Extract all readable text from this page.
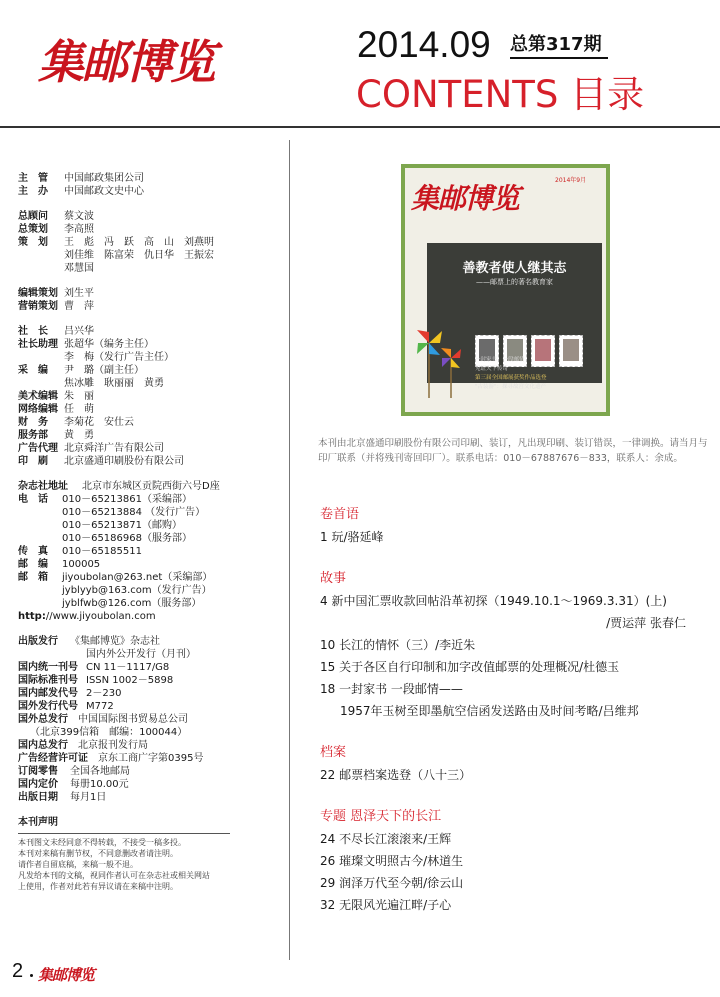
集邮博览	2014.09 总第317期
CONTENTS 目录
主　管	中国邮政集团公司
主　办	中国邮政文史中心
总顾问	蔡文波
总策划	李高照
策　划	王　彪　冯　跃　高　山　刘燕明
刘佳维　陈富荣　仇日华　王振宏
邓慧国
编辑策划 刘生平
营销策划 曹　萍
社　长	吕兴华
社长助理 张超华（编务主任）
李　梅（发行广告主任）
采　编	尹　璐（副主任）
焦冰雕　耿丽丽　黄勇
美术编辑 朱　丽
网络编辑 任　萌
财　务	李菊花　安仕云
服务部	黄　勇
广告代理 北京舜洋广告有限公司
印　刷	北京盛通印刷股份有限公司
杂志社地址	北京市东城区贡院西街六号D座
电　话	010－65213861（采编部）
010－65213884 （发行广告）
010－65213871（邮购）
010－65186968（服务部）
传　真	010－65185511
邮　编	100005
邮　箱	jiyoubolan@263.net（采编部）
jyblyyb@163.com（发行广告）
jyblfwb@126.com（服务部）
http://www.jiyoubolan.com
出版发行	《集邮博览》杂志社
国内外公开发行（月刊）
国内统一刊号 CN 11－1117/G8
国际标准刊号 ISSN 1002－5898
国内邮发代号 2－230
国外发行代号 M772
国外总发行	中国国际图书贸易总公司
（北京399信箱　邮编：100044）
国内总发行	北京报刊发行局
广告经营许可证	京东工商广字第0395号
订阅零售	全国各地邮局
国内定价	每册10.00元
出版日期	每月1日
本刊声明
本刊图文未经同意不得转载，不接受一稿多投。
本刊对来稿有删节权，不同意删改者请注明。
请作者自留底稿，来稿一般不退。
凡发给本刊的文稿，视同作者认可在杂志社或相关网站
上使用，作者对此若有异议请在来稿中注明。
集邮博览
2014年9月
善教者使人继其志
——邮票上的著名教育家
一封家书　一段邮情
见证天下传奇
第三届全国邮展获奖作品选登
"古装游"：探寻故宫文化遗产
本刊由北京盛通印刷股份有限公司印刷、装订，凡出现印刷、装订错误，一律调换。请当月与印厂联系（并将残刊寄回印厂）。联系电话：010－67887676－833，联系人：余成。
卷首语
1 玩/骆延峰
故事
4 新中国汇票收款回帖沿革初探（1949.10.1～1969.3.31）(上)
/贾运萍 张春仁
10 长江的情怀（三）/李近朱
15 关于各区自行印制和加字改值邮票的处理概况/杜德玉
18 一封家书 一段邮情——
1957年玉树至即墨航空信函发送路由及时间考略/吕维邦
档案
22 邮票档案选登（八十三）
专题 恩泽天下的长江
24 不尽长江滚滚来/王辉
26 璀璨文明照古今/林道生
29 润泽万代至今朝/徐云山
32 无限风光遍江畔/子心
2 集邮博览
